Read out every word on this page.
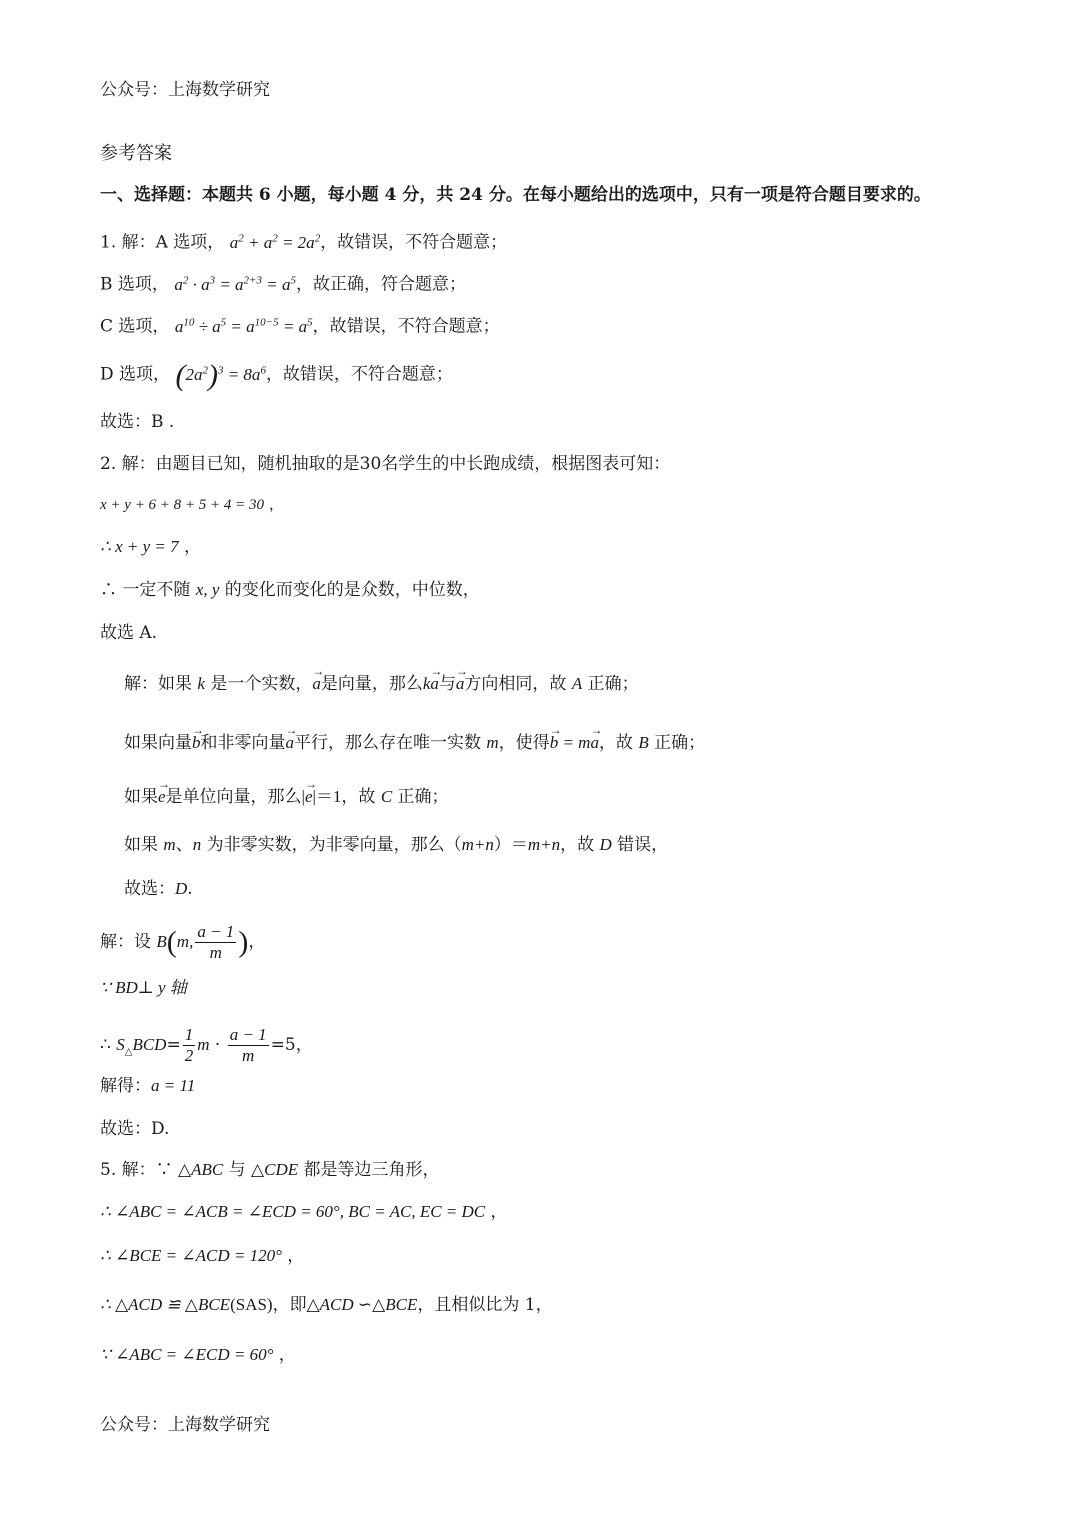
公众号：上海数学研究
参考答案
一、选择题：本题共 6 小题，每小题 4 分，共 24 分。在每小题给出的选项中，只有一项是符合题目要求的。
1. 解：A 选项， $a^2 + a^2 = 2a^2$，故错误，不符合题意；
B 选项， $a^2 \cdot a^3 = a^{2+3} = a^5$，故正确，符合题意；
C 选项， $a^{10} \div a^5 = a^{10-5} = a^5$，故错误，不符合题意；
D 选项， $(2a^2)^3 = 8a^6$，故错误，不符合题意；
故选：B .
2. 解：由题目已知，随机抽取的是30名学生的中长跑成绩，根据图表可知：
x + y + 6 + 8 + 5 + 4 = 30 ，
∴ x + y = 7 ，
∴ 一定不随 x, y 的变化而变化的是众数，中位数，
故选 A.
解：如果 k 是一个实数，a →是向量，那么ka →与a →方向相同，故 A 正确；
如果向量b →和非零向量a →平行，那么存在唯一实数 m，使得b → = ma →，故 B 正确；
如果e →是单位向量，那么|e →|＝1，故 C 正确；
如果 m、n 为非零实数，为非零向量，那么（m+n）＝m+n，故 D 错误，
故选：D.
解：设 B(m, $\frac{a - 1}{m}$ )，
∵ BD⊥ y 轴
∴ $S_\triangle BCD= \frac{1}{2}$ $m \cdot \frac{a - 1}{m} =5$，
解得：a = 11
故选：D.
5. 解：∵ △ABC 与 △CDE 都是等边三角形，
∴ ∠ABC = ∠ACB = ∠ECD = 60°, BC = AC, EC = DC ，
∴ ∠BCE = ∠ACD = 120° ，
∴ △ACD ≌ △BCE(SAS)，即△ACD ∽△BCE，且相似比为 1，
∵ ∠ABC = ∠ECD = 60° ，
公众号：上海数学研究
